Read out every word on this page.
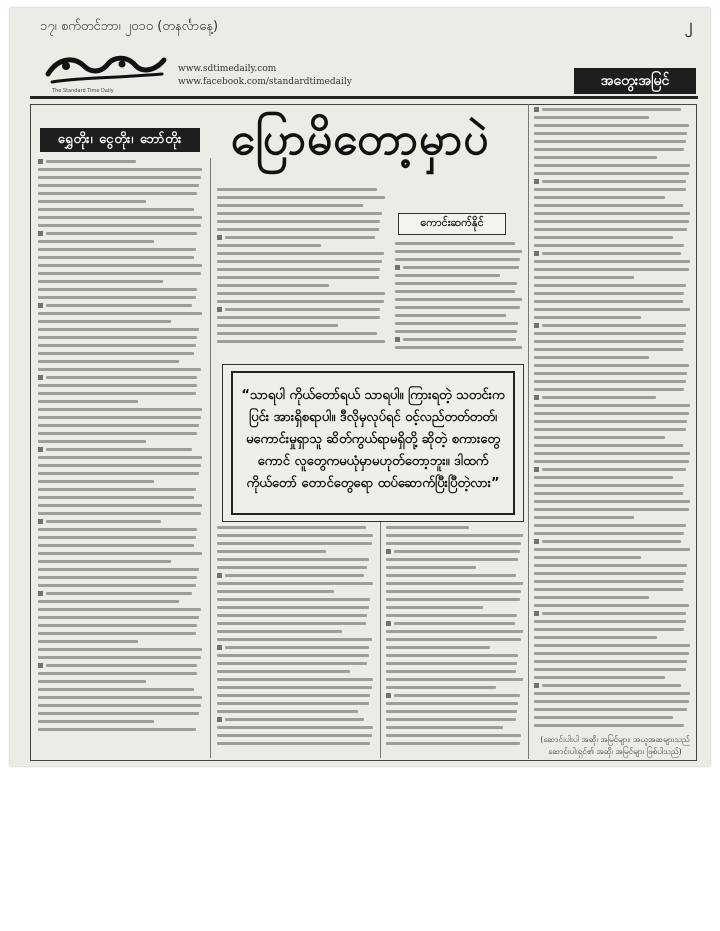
၁၇၊ စက်တင်ဘာ၊ ၂၀၁၀ (တနင်္လာနေ့)	၂
The Standard Time Daily
www.sdtimedaily.com
www.facebook.com/standardtimedaily	အတွေးအမြင်
ရွှေတိုး၊ ငွေတိုး၊ ဘော်တိုး	ပြောမိတော့မှာပဲ
ကောင်းဆက်နိုင်
“သာရပါ ကိုယ်တော်ရယ် သာရပါ။ ကြားရတဲ့ သတင်းကပြင်း အားရှိစရာပါ။ ဒီလိုမှလုပ်ရင် ဝင့်လည်တတ်တတ်၊ မကောင်းမှုရှာသူ ဆိတ်ကွယ်ရာမရှိတို့ ဆိုတဲ့ စကားတွေကောင် လူတွေကမယုံမှာမဟုတ်တော့ဘူး။ ဒါထက် ကိုယ်တော် တောင်တွေရော ထပ်ဆောက်ပြီးပြီတဲ့လား”
(ဆောင်းပါးပါ အဆို၊ အမြင်များ၊ အယူအဆများသည် ဆောင်းပါးရှင်၏ အဆို၊ အမြင်များ ဖြစ်ပါသည်)
